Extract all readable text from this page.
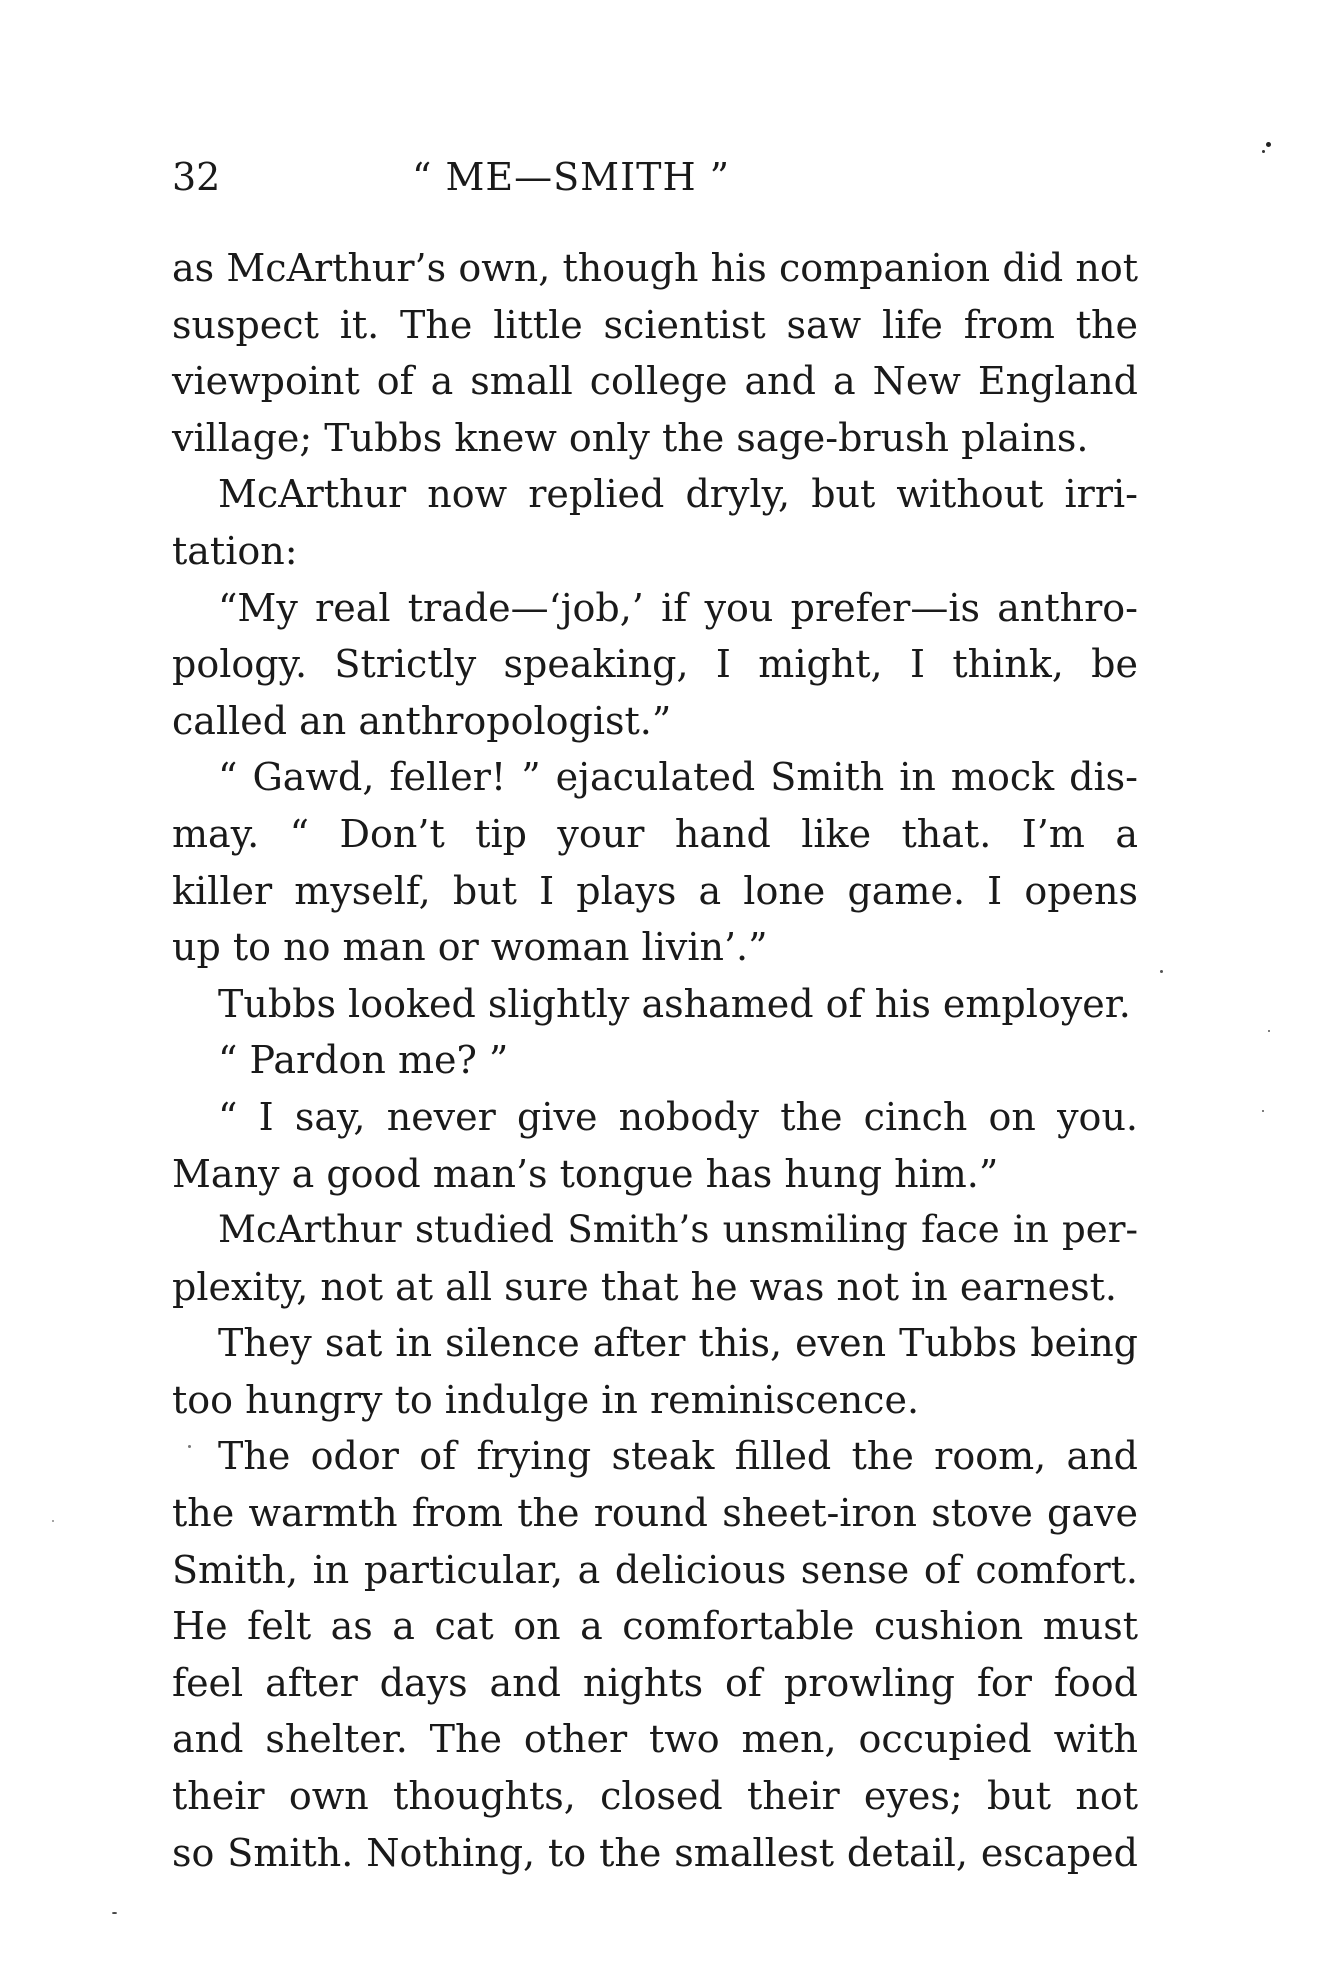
32	“ ME—SMITH ”
as McArthur’s own, though his companion did not
suspect it. The little scientist saw life from the
viewpoint of a small college and a New England
village; Tubbs knew only the sage-brush plains.
McArthur now replied dryly, but without irri-
tation:
“My real trade—‘job,’ if you prefer—is anthro-
pology. Strictly speaking, I might, I think, be
called an anthropologist.”
“ Gawd, feller! ” ejaculated Smith in mock dis-
may. “ Don’t tip your hand like that. I’m a
killer myself, but I plays a lone game. I opens
up to no man or woman livin’.”
Tubbs looked slightly ashamed of his employer.
“ Pardon me? ”
“ I say, never give nobody the cinch on you.
Many a good man’s tongue has hung him.”
McArthur studied Smith’s unsmiling face in per-
plexity, not at all sure that he was not in earnest.
They sat in silence after this, even Tubbs being
too hungry to indulge in reminiscence.
The odor of frying steak filled the room, and
the warmth from the round sheet-iron stove gave
Smith, in particular, a delicious sense of comfort.
He felt as a cat on a comfortable cushion must
feel after days and nights of prowling for food
and shelter. The other two men, occupied with
their own thoughts, closed their eyes; but not
so Smith. Nothing, to the smallest detail, escaped
